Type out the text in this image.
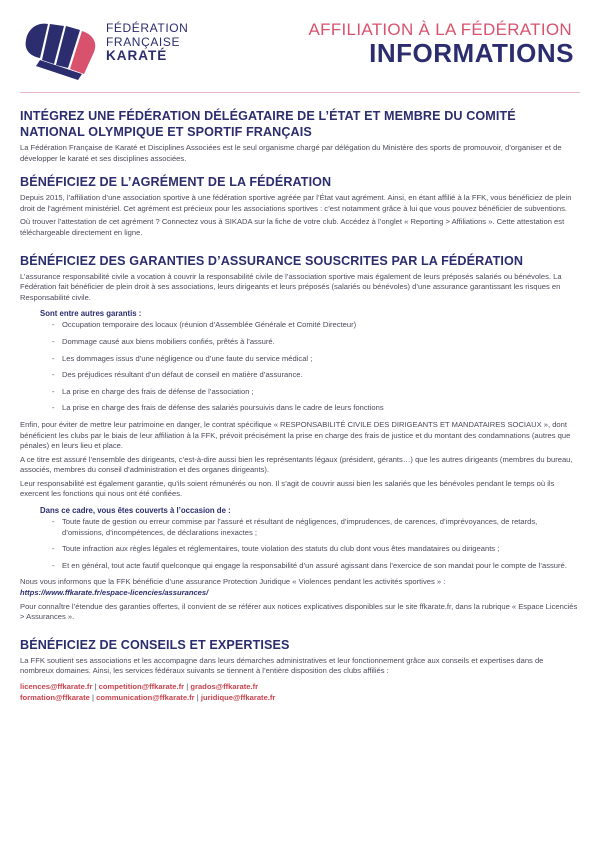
FÉDÉRATION
FRANÇAISE
KARATÉ
AFFILIATION À LA FÉDÉRATION
INFORMATIONS
INTÉGREZ UNE FÉDÉRATION DÉLÉGATAIRE DE L’ÉTAT ET MEMBRE DU COMITÉ NATIONAL OLYMPIQUE ET SPORTIF FRANÇAIS

La Fédération Française de Karaté et Disciplines Associées est le seul organisme chargé par délégation du Ministère des sports de promouvoir, d’organiser et de développer le karaté et ses disciplines associées.

BÉNÉFICIEZ DE L’AGRÉMENT DE LA FÉDÉRATION

Depuis 2015, l’affiliation d’une association sportive à une fédération sportive agréée par l’État vaut agrément. Ainsi, en étant affilié à la FFK, vous bénéficiez de plein droit de l’agrément ministériel. Cet agrément est précieux pour les associations sportives : c’est notamment grâce à lui que vous pouvez bénéficier de subventions.

Où trouver l’attestation de cet agrément ? Connectez vous à SIKADA sur la fiche de votre club. Accédez à l’onglet « Reporting > Affiliations ». Cette attestation est téléchargeable directement en ligne.

BÉNÉFICIEZ DES GARANTIES D’ASSURANCE SOUSCRITES PAR LA FÉDÉRATION

L’assurance responsabilité civile a vocation à couvrir la responsabilité civile de l’association sportive mais également de leurs préposés salariés ou bénévoles. La Fédération fait bénéficier de plein droit à ses associations, leurs dirigeants et leurs préposés (salariés ou bénévoles) d’une assurance garantissant les risques en Responsabilité civile.

Sont entre autres garantis :
- Occupation temporaire des locaux (réunion d’Assemblée Générale et Comité Directeur)
- Dommage causé aux biens mobiliers confiés, prêtés à l’assuré.
- Les dommages issus d’une négligence ou d’une faute du service médical ;
- Des préjudices résultant d’un défaut de conseil en matière d’assurance.
- La prise en charge des frais de défense de l’association ;
- La prise en charge des frais de défense des salariés poursuivis dans le cadre de leurs fonctions

Enfin, pour éviter de mettre leur patrimoine en danger, le contrat spécifique « RESPONSABILITÉ CIVILE DES DIRIGEANTS ET MANDATAIRES SOCIAUX », dont bénéficient les clubs par le biais de leur affiliation à la FFK, prévoit précisément la prise en charge des frais de justice et du montant des condamnations (autres que pénales) en leurs lieu et place.

A ce titre est assuré l’ensemble des dirigeants, c’est-à-dire aussi bien les représentants légaux (président, gérants…) que les autres dirigeants (membres du bureau, associés, membres du conseil d’administration et des organes dirigeants).

Leur responsabilité est également garantie, qu’ils soient rémunérés ou non. Il s’agit de couvrir aussi bien les salariés que les bénévoles pendant le temps où ils exercent les fonctions qui nous ont été confiées.

Dans ce cadre, vous êtes couverts à l’occasion de :
- Toute faute de gestion ou erreur commise par l’assuré et résultant de négligences, d’imprudences, de carences, d’imprévoyances, de retards, d’omissions, d’incompétences, de déclarations inexactes ;
- Toute infraction aux règles légales et réglementaires, toute violation des statuts du club dont vous êtes mandataires ou dirigeants ;
- Et en général, tout acte fautif quelconque qui engage la responsabilité d’un assuré agissant dans l’exercice de son mandat pour le compte de l’assuré.

Nous vous informons que la FFK bénéficie d’une assurance Protection Juridique « Violences pendant les activités sportives » :
https://www.ffkarate.fr/espace-licencies/assurances/

Pour connaître l’étendue des garanties offertes, il convient de se référer aux notices explicatives disponibles sur le site ffkarate.fr, dans la rubrique « Espace Licenciés > Assurances ».

BÉNÉFICIEZ DE CONSEILS ET EXPERTISES

La FFK soutient ses associations et les accompagne dans leurs démarches administratives et leur fonctionnement grâce aux conseils et expertises dans de nombreux domaines. Ainsi, les services fédéraux suivants se tiennent à l’entière disposition des clubs affiliés :

licences@ffkarate.fr | competition@ffkarate.fr | grados@ffkarate.fr
formation@ffkarate | communication@ffkarate.fr | juridique@ffkarate.fr
